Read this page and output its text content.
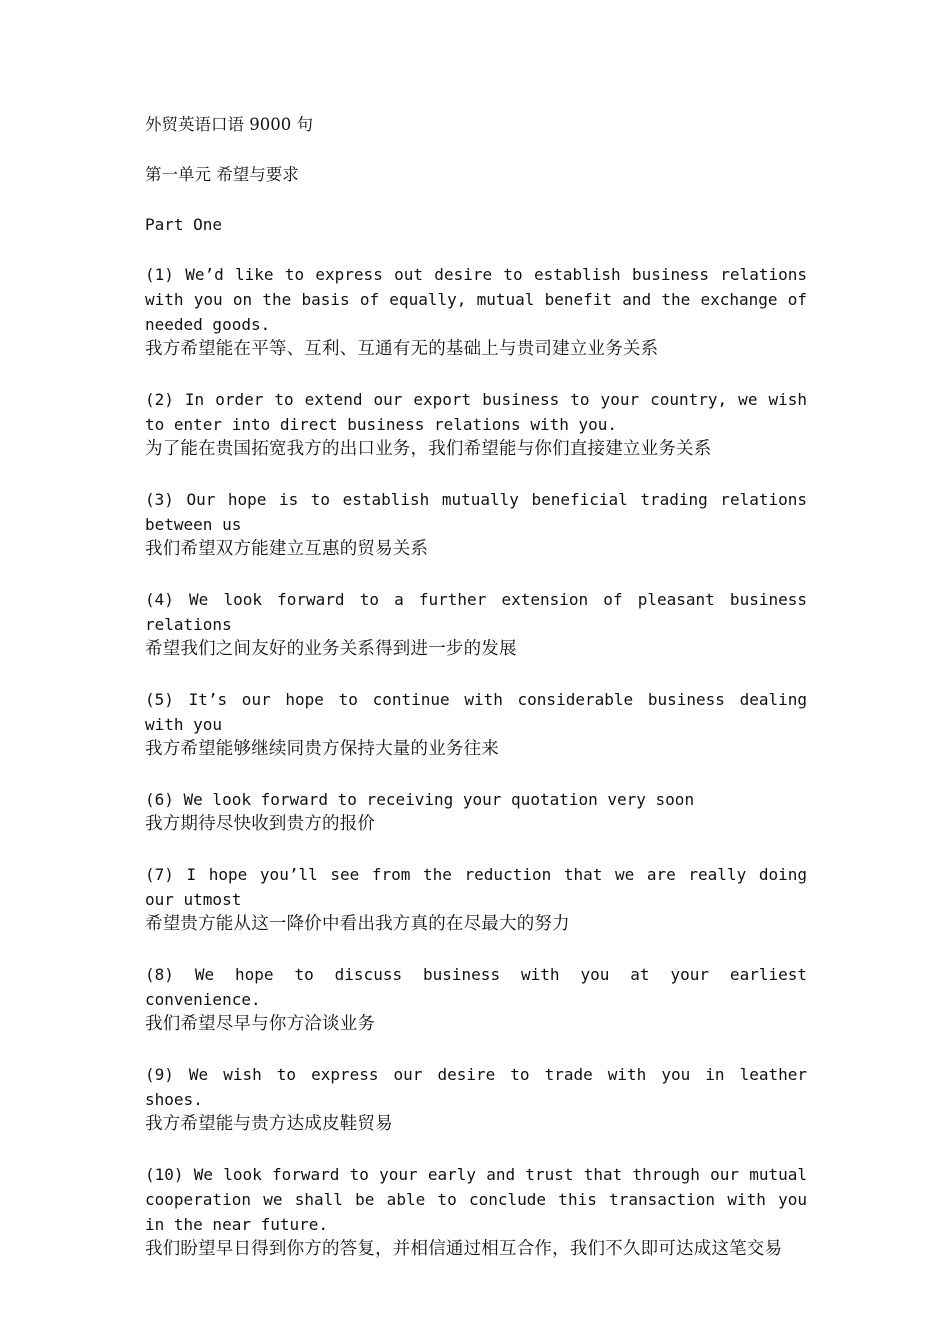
外贸英语口语 9000 句
第一单元 希望与要求
Part One
(1) We’d like to express out desire to establish business relations with you on the basis of equally, mutual benefit and the exchange of needed goods.
我方希望能在平等、互利、互通有无的基础上与贵司建立业务关系
(2) In order to extend our export business to your country, we wish to enter into direct business relations with you.
为了能在贵国拓宽我方的出口业务，我们希望能与你们直接建立业务关系
(3) Our hope is to establish mutually beneficial trading relations between us
我们希望双方能建立互惠的贸易关系
(4) We look forward to a further extension of pleasant business relations
希望我们之间友好的业务关系得到进一步的发展
(5) It’s our hope to continue with considerable business dealing with you
我方希望能够继续同贵方保持大量的业务往来
(6) We look forward to receiving your quotation very soon
我方期待尽快收到贵方的报价
(7) I hope you’ll see from the reduction that we are really doing our utmost
希望贵方能从这一降价中看出我方真的在尽最大的努力
(8) We hope to discuss business with you at your earliest convenience.
我们希望尽早与你方洽谈业务
(9) We wish to express our desire to trade with you in leather shoes.
我方希望能与贵方达成皮鞋贸易
(10) We look forward to your early and trust that through our mutual cooperation we shall be able to conclude this transaction with you in the near future.
我们盼望早日得到你方的答复，并相信通过相互合作，我们不久即可达成这笔交易
